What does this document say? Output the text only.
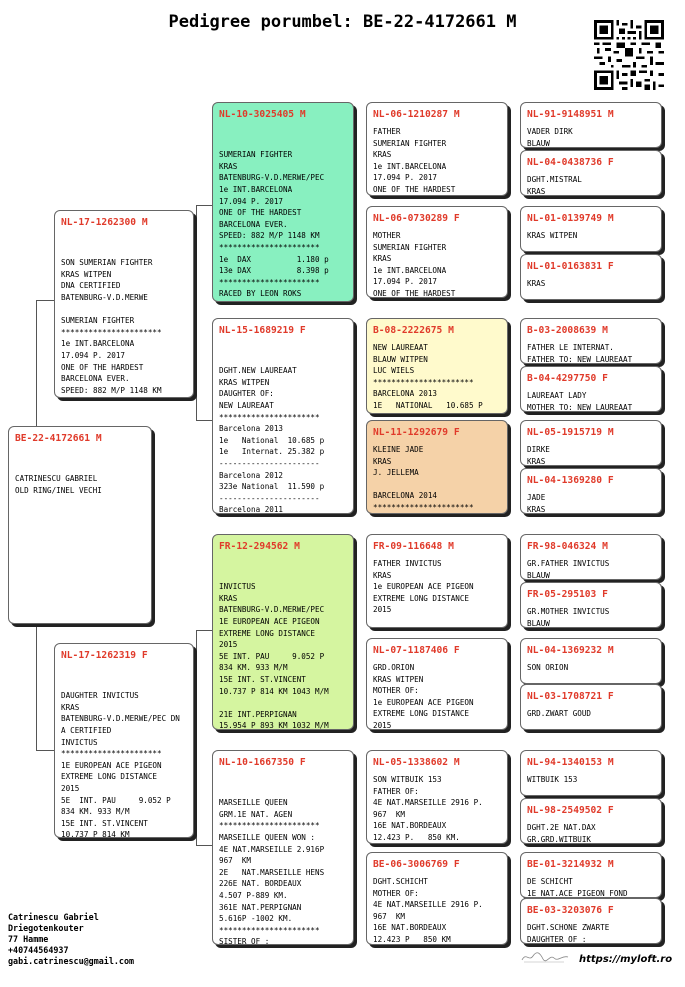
Pedigree porumbel: BE-22-4172661 M
BE-22-4172661 M

CATRINESCU GABRIEL
OLD RING/INEL VECHI

NL-17-1262300 M

SON SUMERIAN FIGHTER
KRAS WITPEN
DNA CERTIFIED
BATENBURG-V.D.MERWE
SUMERIAN FIGHTER
**********************
1e INT.BARCELONA
17.094 P. 2017
ONE OF THE HARDEST
BARCELONA EVER.
SPEED: 882 M/P 1148 KM

NL-17-1262319 F

DAUGHTER INVICTUS
KRAS
BATENBURG-V.D.MERWE/PEC DN
A CERTIFIED
INVICTUS
**********************
1E EUROPEAN ACE PIGEON
EXTREME LONG DISTANCE
2015
5E  INT. PAU     9.052 P
834 KM. 933 M/M
15E INT. ST.VINCENT
10.737 P 814 KM

NL-10-3025405 M

SUMERIAN FIGHTER
KRAS
BATENBURG-V.D.MERWE/PEC
1e INT.BARCELONA
17.094 P. 2017
ONE OF THE HARDEST
BARCELONA EVER.
SPEED: 882 M/P 1148 KM
**********************
1e  DAX          1.180 p
13e DAX          8.398 p
**********************
RACED BY LEON ROKS

NL-15-1689219 F

DGHT.NEW LAUREAAT
KRAS WITPEN
DAUGHTER OF:
NEW LAUREAAT
**********************
Barcelona 2013
1e   National  10.685 p
1e   Internat. 25.382 p
----------------------
Barcelona 2012
323e National  11.590 p
----------------------
Barcelona 2011

FR-12-294562 M

INVICTUS
KRAS
BATENBURG-V.D.MERWE/PEC
1E EUROPEAN ACE PIGEON
EXTREME LONG DISTANCE
2015
5E INT. PAU     9.052 P
834 KM. 933 M/M
15E INT. ST.VINCENT
10.737 P 814 KM 1043 M/M
21E INT.PERPIGNAN
15.954 P 893 KM 1032 M/M

NL-10-1667350 F

MARSEILLE QUEEN
GRM.1E NAT. AGEN
**********************
MARSEILLE QUEEN WON :
4E NAT.MARSEILLE 2.916P
967  KM
2E   NAT.MARSEILLE HENS
226E NAT. BORDEAUX
4.507 P-889 KM.
361E NAT.PERPIGNAN
5.616P -1002 KM.
**********************
SISTER OF :

NL-06-1210287 M
FATHER
SUMERIAN FIGHTER
KRAS
1e INT.BARCELONA
17.094 P. 2017
ONE OF THE HARDEST
NL-06-0730289 F
MOTHER
SUMERIAN FIGHTER
KRAS
1e INT.BARCELONA
17.094 P. 2017
ONE OF THE HARDEST
B-08-2222675 M
NEW LAUREAAT
BLAUW WITPEN
LUC WIELS
**********************
BARCELONA 2013
1E   NATIONAL   10.685 P
NL-11-1292679 F
KLEINE JADE
KRAS
J. JELLEMA
BARCELONA 2014
**********************
FR-09-116648 M
FATHER INVICTUS
KRAS
1e EUROPEAN ACE PIGEON
EXTREME LONG DISTANCE
2015
NL-07-1187406 F
GRD.ORION
KRAS WITPEN
MOTHER OF:
1e EUROPEAN ACE PIGEON
EXTREME LONG DISTANCE
2015
NL-05-1338602 M
SON WITBUIK 153
FATHER OF:
4E NAT.MARSEILLE 2916 P.
967  KM
16E NAT.BORDEAUX
12.423 P.   850 KM.
BE-06-3006769 F
DGHT.SCHICHT
MOTHER OF:
4E NAT.MARSEILLE 2916 P.
967  KM
16E NAT.BORDEAUX
12.423 P   850 KM
NL-91-9148951 M
VADER DIRK
BLAUW
NL-04-0438736 F
DGHT.MISTRAL
KRAS
NL-01-0139749 M
KRAS WITPEN
NL-01-0163831 F
KRAS
B-03-2008639 M
FATHER LE INTERNAT.
FATHER TO: NEW LAUREAAT
B-04-4297750 F
LAUREAAT LADY
MOTHER TO: NEW LAUREAAT
NL-05-1915719 M
DIRKE
KRAS
NL-04-1369280 F
JADE
KRAS
FR-98-046324 M
GR.FATHER INVICTUS
BLAUW
FR-05-295103 F
GR.MOTHER INVICTUS
BLAUW
NL-04-1369232 M
SON ORION
NL-03-1708721 F
GRD.ZWART GOUD
NL-94-1340153 M
WITBUIK 153
NL-98-2549502 F
DGHT.2E NAT.DAX
GR.GRD.WITBUIK
BE-01-3214932 M
DE SCHICHT
1E NAT.ACE PIGEON FOND
BE-03-3203076 F
DGHT.SCHONE ZWARTE
DAUGHTER OF :
Catrinescu Gabriel
Driegotenkouter
77 Hamme
+40744564937
gabi.catrinescu@gmail.com	https://myloft.ro
